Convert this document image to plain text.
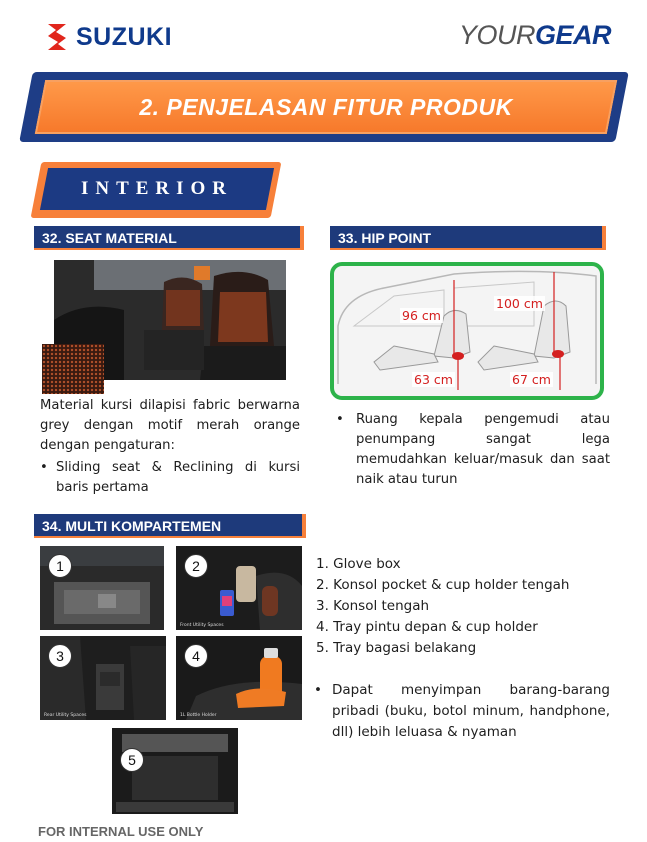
SUZUKI	YOURGEAR
2. PENJELASAN FITUR PRODUK
INTERIOR
32. SEAT MATERIAL
Material kursi dilapisi fabric berwarna grey dengan motif merah orange dengan pengaturan:
• Sliding seat & Reclining di kursi baris pertama
33. HIP POINT
96 cm
100 cm
63 cm	67 cm
• Ruang kepala pengemudi atau penumpang sangat lega memudahkan keluar/masuk dan saat naik atau turun
34. MULTI KOMPARTEMEN
1	2
Front Utility Spaces
3
Rear Utility Spaces
4
1L Bottle Holder
5
1. Glove box
2. Konsol pocket & cup holder tengah
3. Konsol tengah
4. Tray pintu depan & cup holder
5. Tray bagasi belakang
• Dapat menyimpan barang-barang pribadi (buku, botol minum, handphone, dll) lebih leluasa & nyaman
FOR INTERNAL USE ONLY
